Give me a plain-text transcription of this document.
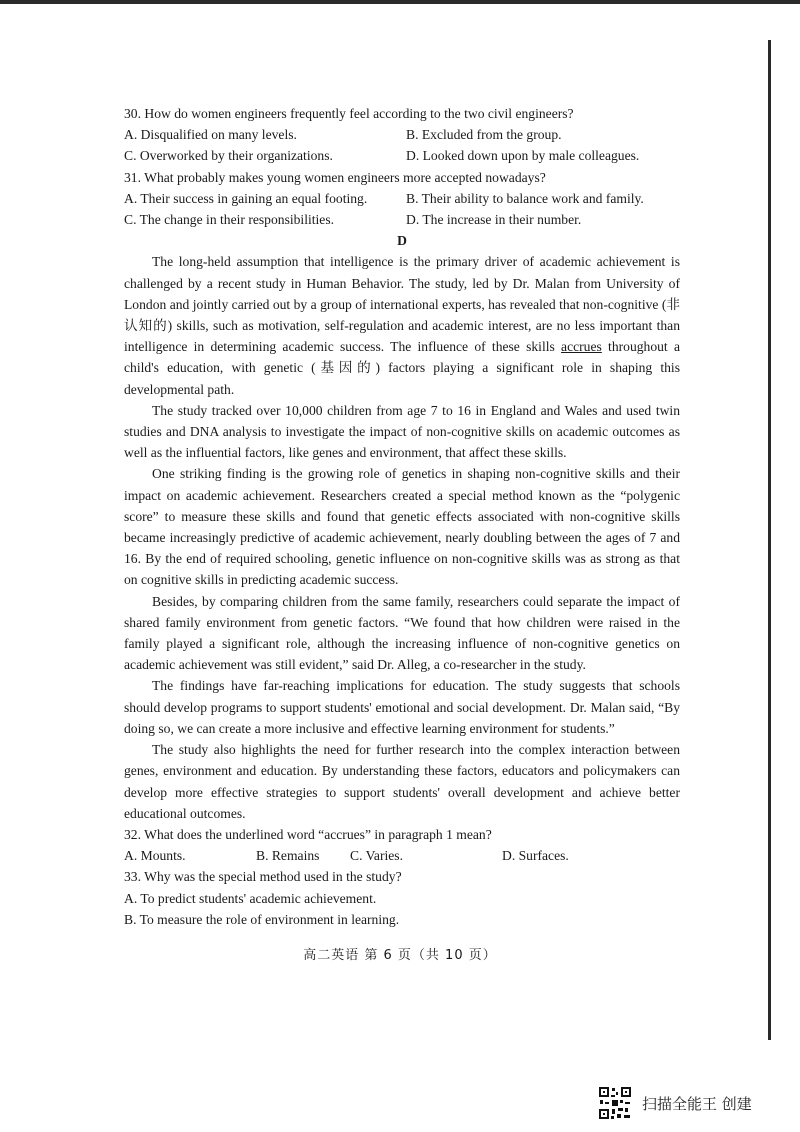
30. How do women engineers frequently feel according to the two civil engineers?

A. Disqualified on many levels.	B. Excluded from the group.
C. Overworked by their organizations.	D. Looked down upon by male colleagues.

31. What probably makes young women engineers more accepted nowadays?

A. Their success in gaining an equal footing.	B. Their ability to balance work and family.
C. The change in their responsibilities.	D. The increase in their number.

D

The long-held assumption that intelligence is the primary driver of academic achievement is challenged by a recent study in Human Behavior. The study, led by Dr. Malan from University of London and jointly carried out by a group of international experts, has revealed that non-cognitive (非认知的) skills, such as motivation, self-regulation and academic interest, are no less important than intelligence in determining academic success. The influence of these skills accrues throughout a child's education, with genetic (基因的) factors playing a significant role in shaping this developmental path.

The study tracked over 10,000 children from age 7 to 16 in England and Wales and used twin studies and DNA analysis to investigate the impact of non-cognitive skills on academic outcomes as well as the influential factors, like genes and environment, that affect these skills.

One striking finding is the growing role of genetics in shaping non-cognitive skills and their impact on academic achievement. Researchers created a special method known as the “polygenic score” to measure these skills and found that genetic effects associated with non-cognitive skills became increasingly predictive of academic achievement, nearly doubling between the ages of 7 and 16. By the end of required schooling, genetic influence on non-cognitive skills was as strong as that on cognitive skills in predicting academic success.

Besides, by comparing children from the same family, researchers could separate the impact of shared family environment from genetic factors. “We found that how children were raised in the family played a significant role, although the increasing influence of non-cognitive genetics on academic achievement was still evident,” said Dr. Alleg, a co-researcher in the study.

The findings have far-reaching implications for education. The study suggests that schools should develop programs to support students' emotional and social development. Dr. Malan said, “By doing so, we can create a more inclusive and effective learning environment for students.”

The study also highlights the need for further research into the complex interaction between genes, environment and education. By understanding these factors, educators and policymakers can develop more effective strategies to support students' overall development and achieve better educational outcomes.

32. What does the underlined word “accrues” in paragraph 1 mean?

A. Mounts.	B. Remains	C. Varies.	D. Surfaces.

33. Why was the special method used in the study?

A. To predict students' academic achievement.

B. To measure the role of environment in learning.

高二英语 第 6 页（共 10 页）
扫描全能王 创建
